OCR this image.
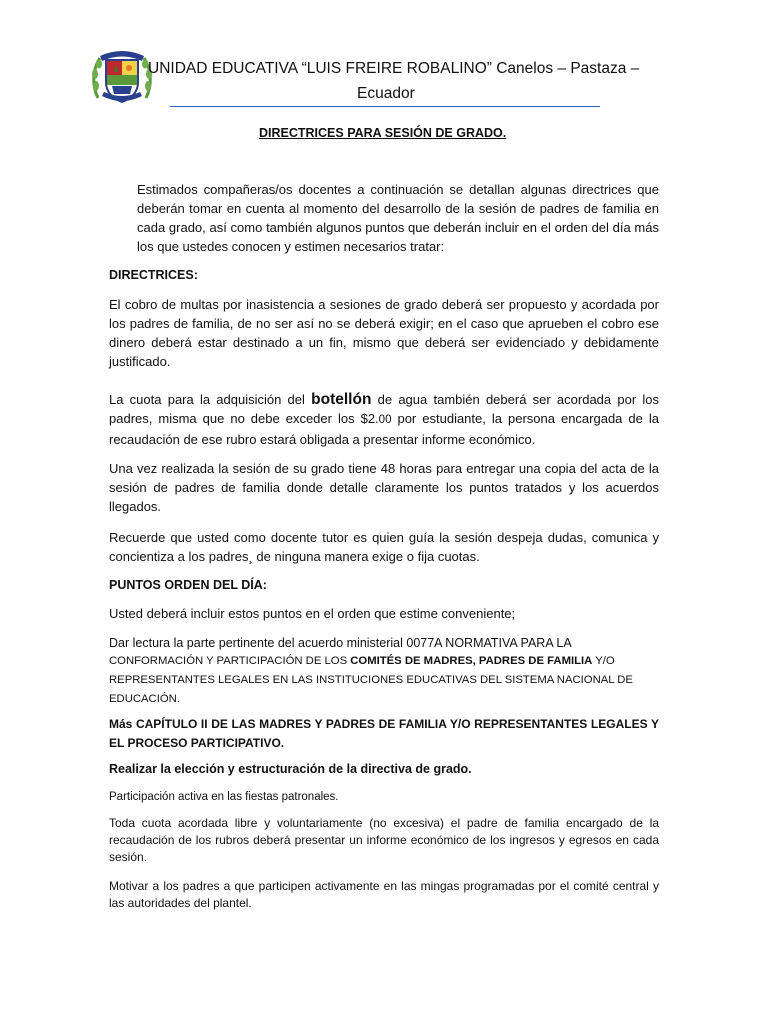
UNIDAD EDUCATIVA “LUIS FREIRE ROBALINO” Canelos – Pastaza –
Ecuador
DIRECTRICES PARA SESIÓN DE GRADO.
Estimados compañeras/os docentes a continuación se detallan algunas directrices que deberán tomar en cuenta al momento del desarrollo de la sesión de padres de familia en cada grado, así como también algunos puntos que deberán incluir en el orden del día más los que ustedes conocen y estimen necesarios tratar:
DIRECTRICES:
El cobro de multas por inasistencia a sesiones de grado deberá ser propuesto y acordada por los padres de familia, de no ser así no se deberá exigir; en el caso que aprueben el cobro ese dinero deberá estar destinado a un fin, mismo que deberá ser evidenciado y debidamente justificado.
La cuota para la adquisición del botellón de agua también deberá ser acordada por los padres, misma que no debe exceder los $2.00 por estudiante, la persona encargada de la recaudación de ese rubro estará obligada a presentar informe económico.
Una vez realizada la sesión de su grado tiene 48 horas para entregar una copia del acta de la sesión de padres de familia donde detalle claramente los puntos tratados y los acuerdos llegados.
Recuerde que usted como docente tutor es quien guía la sesión despeja dudas, comunica y concientiza a los padres¸ de ninguna manera exige o fija cuotas.
PUNTOS ORDEN DEL DÍA:
Usted deberá incluir estos puntos en el orden que estime conveniente;
Dar lectura la parte pertinente del acuerdo ministerial 0077A NORMATIVA PARA LA
CONFORMACIÓN Y PARTICIPACIÓN DE LOS COMITÉS DE MADRES, PADRES DE FAMILIA Y/O REPRESENTANTES LEGALES EN LAS INSTITUCIONES EDUCATIVAS DEL SISTEMA NACIONAL DE EDUCACIÓN.
Más CAPÍTULO II DE LAS MADRES Y PADRES DE FAMILIA Y/O REPRESENTANTES LEGALES Y EL PROCESO PARTICIPATIVO.
Realizar la elección y estructuración de la directiva de grado.
Participación activa en las fiestas patronales.
Toda cuota acordada libre y voluntariamente (no excesiva) el padre de familia encargado de la recaudación de los rubros deberá presentar un informe económico de los ingresos y egresos en cada sesión.
Motivar a los padres a que participen activamente en las mingas programadas por el comité central y las autoridades del plantel.
